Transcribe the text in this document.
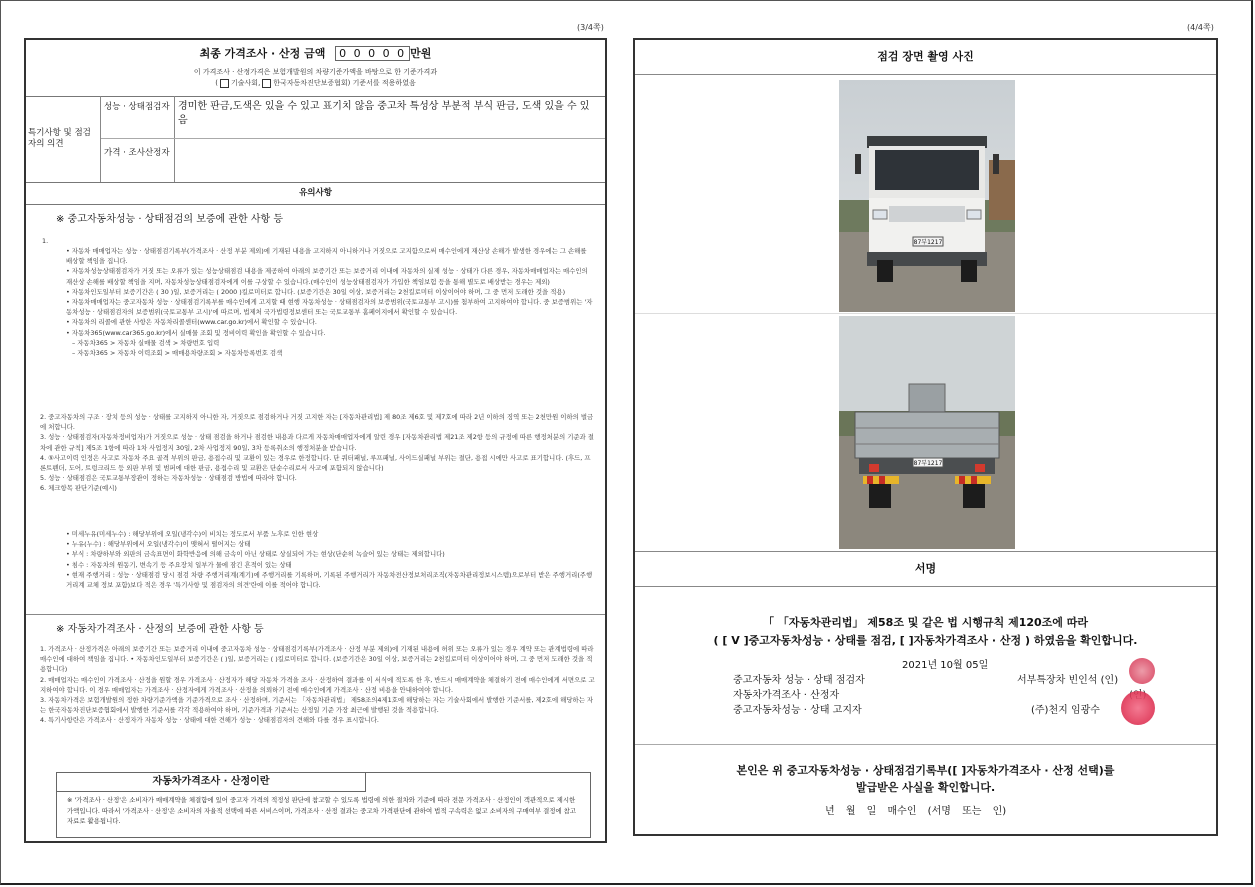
(3/4쪽)
최종 가격조사 · 산정 금액 0 0 0 0 0 만원
이 가격조사 · 산정가격은 보험개발원의 차량기준가액을 바탕으로 한 기준가격과
( 기술사회, 한국자동차진단보증협회) 기준서를 적용하였음
특기사항 및 점검자의 의견
성능 · 상태점검자
가격 · 조사산정자
경미한 판금,도색은 있을 수 있고 표기치 않음 중고차 특성상 부분적 부식 판금, 도색 있을 수 있음
유의사항
※ 중고자동차성능 · 상태점검의 보증에 관한 사항 등
1.
• 자동차 매매업자는 성능 · 상태점검기록부(가격조사 · 산정 부분 제외)에 기재된 내용을 고지하지 아니하거나 거짓으로 고지함으로써 매수인에게 재산상 손해가 발생한 경우에는 그 손해를 배상할 책임을 집니다.
• 자동차성능상태점검자가 거짓 또는 오류가 있는 성능상태점검 내용을 제공하여 아래의 보증기간 또는 보증거리 이내에 자동차의 실제 성능 · 상태가 다른 경우, 자동차매매업자는 매수인의 재산상 손해를 배상할 책임을 지며, 자동차성능상태점검자에게 이를 구상할 수 있습니다.(매수인이 성능상태점검자가 가입한 책임보험 등을 통해 별도로 배상받는 경우는 제외)
• 자동차인도일부터 보증기간은 ( 30 )일, 보증거리는 ( 2000 )킬로미터로 합니다. (보증기간은 30일 이상, 보증거리는 2천킬로미터 이상이어야 하며, 그 중 먼저 도래한 것을 적용)
• 자동차매매업자는 중고자동차 성능 · 상태점검기록부를 매수인에게 고지할 때 현행 자동차성능 · 상태점검자의 보증범위(국토교통부 고시)를 첨부하여 고지하여야 합니다. 중 보증범위는 '자동차성능 · 상태점검자의 보증범위(국토교통부 고시)'에 따르며, 법제처 국가법령정보센터 또는 국토교통부 홈페이지에서 확인할 수 있습니다.
• 자동차의 리콜에 관한 사항은 자동차리콜센터(www.car.go.kr)에서 확인할 수 있습니다.
• 자동차365(www.car365.go.kr)에서 실매물 조회 및 정비이력 확인을 확인할 수 있습니다.
– 자동차365 > 자동차 실매물 검색 > 차량번호 입력
– 자동차365 > 자동차 이력조회 > 매매용차량조회 > 자동차등록번호 검색
2. 중고자동차의 구조 · 장치 등의 성능 · 상태를 고지하지 아니한 자, 거짓으로 점검하거나 거짓 고지한 자는 [자동차관리법] 제 80조 제6호 및 제7호에 따라 2년 이하의 징역 또는 2천만원 이하의 벌금에 처합니다.
3. 성능 · 상태점검자(자동차정비업자)가 거짓으로 성능 · 상태 점검을 하거나 점검한 내용과 다르게 자동차매매업자에게 알린 경우 [자동차관리법 제21조 제2항 등의 규정에 따른 행정처분의 기준과 절차에 관한 규칙] 제5조 1항에 따라 1차 사업정지 30일, 2차 사업정지 90일, 3차 등록취소의 행정처분을 받습니다.
4. ⑤사고이력 인정은 사고로 자동차 주요 골격 부위의 판금, 용접수리 및 교환이 있는 경우로 한정합니다. 단 쿼터패널, 루프패널, 사이드실패널 부위는 절단, 용접 시에만 사고로 표기합니다. (후드, 프론트펜더, 도어, 트렁크리드 등 외판 부위 및 범퍼에 대한 판금, 용접수리 및 교환은 단순수리로서 사고에 포함되지 않습니다)
5. 성능 · 상태점검은 국토교통부장관이 정하는 자동차성능 · 상태점검 방법에 따라야 합니다.
6. 체크항목 판단기준(예시)
• 미세누유(미세누수) : 해당부위에 오일(냉각수)이 비치는 정도로서 부품 노후로 인한 현상
• 누유(누수) : 해당부위에서 오일(냉각수)이 맺혀서 떨어지는 상태
• 부식 : 차량하부와 외판의 금속표면이 화학반응에 의해 금속이 아닌 상태로 상실되어 가는 현상(단순히 녹슬어 있는 상태는 제외합니다)
• 침수 : 자동차의 원동기, 변속기 등 주요장치 일부가 물에 잠긴 흔적이 있는 상태
• 현재 주행거리 : 성능 · 상태점검 당시 점검 차량 주행거리계(계기)에 주행거리를 기록하며, 기록된 주행거리가 자동차전산정보처리조직(자동차관리정보시스템)으로부터 받은 주행거리(주행거리계 교체 정보 포함)보다 적은 경우 '특기사항 및 점검자의 의견'란에 이를 적어야 합니다.
※ 자동차가격조사 · 산정의 보증에 관한 사항 등
1. 가격조사 · 산정가격은 아래의 보증기간 또는 보증거리 이내에 중고자동차 성능 · 상태점검기록부(가격조사 · 산정 부분 제외)에 기재된 내용에 허위 또는 오류가 있는 경우 계약 또는 관계법령에 따라 매수인에 대하여 책임을 집니다. • 자동차인도일부터 보증기간은 ( )일, 보증거리는 ( )킬로미터로 합니다. (보증기간은 30일 이상, 보증거리는 2천킬로미터 이상이어야 하며, 그 중 먼저 도래한 것을 적용합니다)
2. 매매업자는 매수인이 가격조사 · 산정을 원할 경우 가격조사 · 산정자가 해당 자동차 가격을 조사 · 산정하여 결과를 이 서식에 적도록 한 후, 반드시 매매계약을 체결하기 전에 매수인에게 서면으로 고지하여야 합니다. 이 경우 매매업자는 가격조사 · 산정자에게 가격조사 · 산정을 의뢰하기 전에 매수인에게 가격조사 · 산정 비용을 안내하여야 합니다.
3. 자동차가격은 보험개발원의 정한 차량기준가액을 기준가격으로 조사 · 산정하며, 기준서는 「자동차관리법」 제58조의4제1호에 해당하는 자는 기술사회에서 발행한 기준서를, 제2호에 해당하는 자는 한국자동차진단보증협회에서 발행한 기준서를 각각 적용하여야 하며, 기준가격과 기준서는 산정일 기준 가장 최근에 발행된 것을 적용합니다.
4. 특기사항란은 가격조사 · 산정자가 자동차 성능 · 상태에 대한 견해가 성능 · 상태점검자의 견해와 다를 경우 표시합니다.
자동차가격조사 · 산정이란
※ '가격조사 · 산정'은 소비자가 매매계약을 체결함에 있어 중고자 가격의 적정성 판단에 참고할 수 있도록 법령에 의한 절차와 기준에 따라 전문 가격조사 · 산정인이 객관적으로 제시한 가액입니다. 따라서 '가격조사 · 산정'은 소비자의 자율적 선택에 따른 서비스이며, 가격조사 · 산정 결과는 중고차 가격판단에 관하여 법적 구속력은 없고 소비자의 구매여부 결정에 참고자료로 활용됩니다.
(4/4쪽)
점검 장면 촬영 사진
87부1217
87부1217
서명
「 「자동차관리법」 제58조 및 같은 법 시행규칙 제120조에 따라
( [ V ]중고자동차성능 · 상태를 점검, [ ]자동차가격조사 · 산정 ) 하였음을 확인합니다.
2021년 10월 05일
중고자동차 성능 · 상태 점검자	서부특장차 빈인석 (인)
자동차가격조사 · 산정자
중고자동차성능 · 상태 고지자	(주)천지 임광수
본인은 위 중고자동차성능 · 상태점검기록부([ ]자동차가격조사 · 산정 선택)를
발급받은 사실을 확인합니다.
년 월 일 매수인 (서명 또는 인)
